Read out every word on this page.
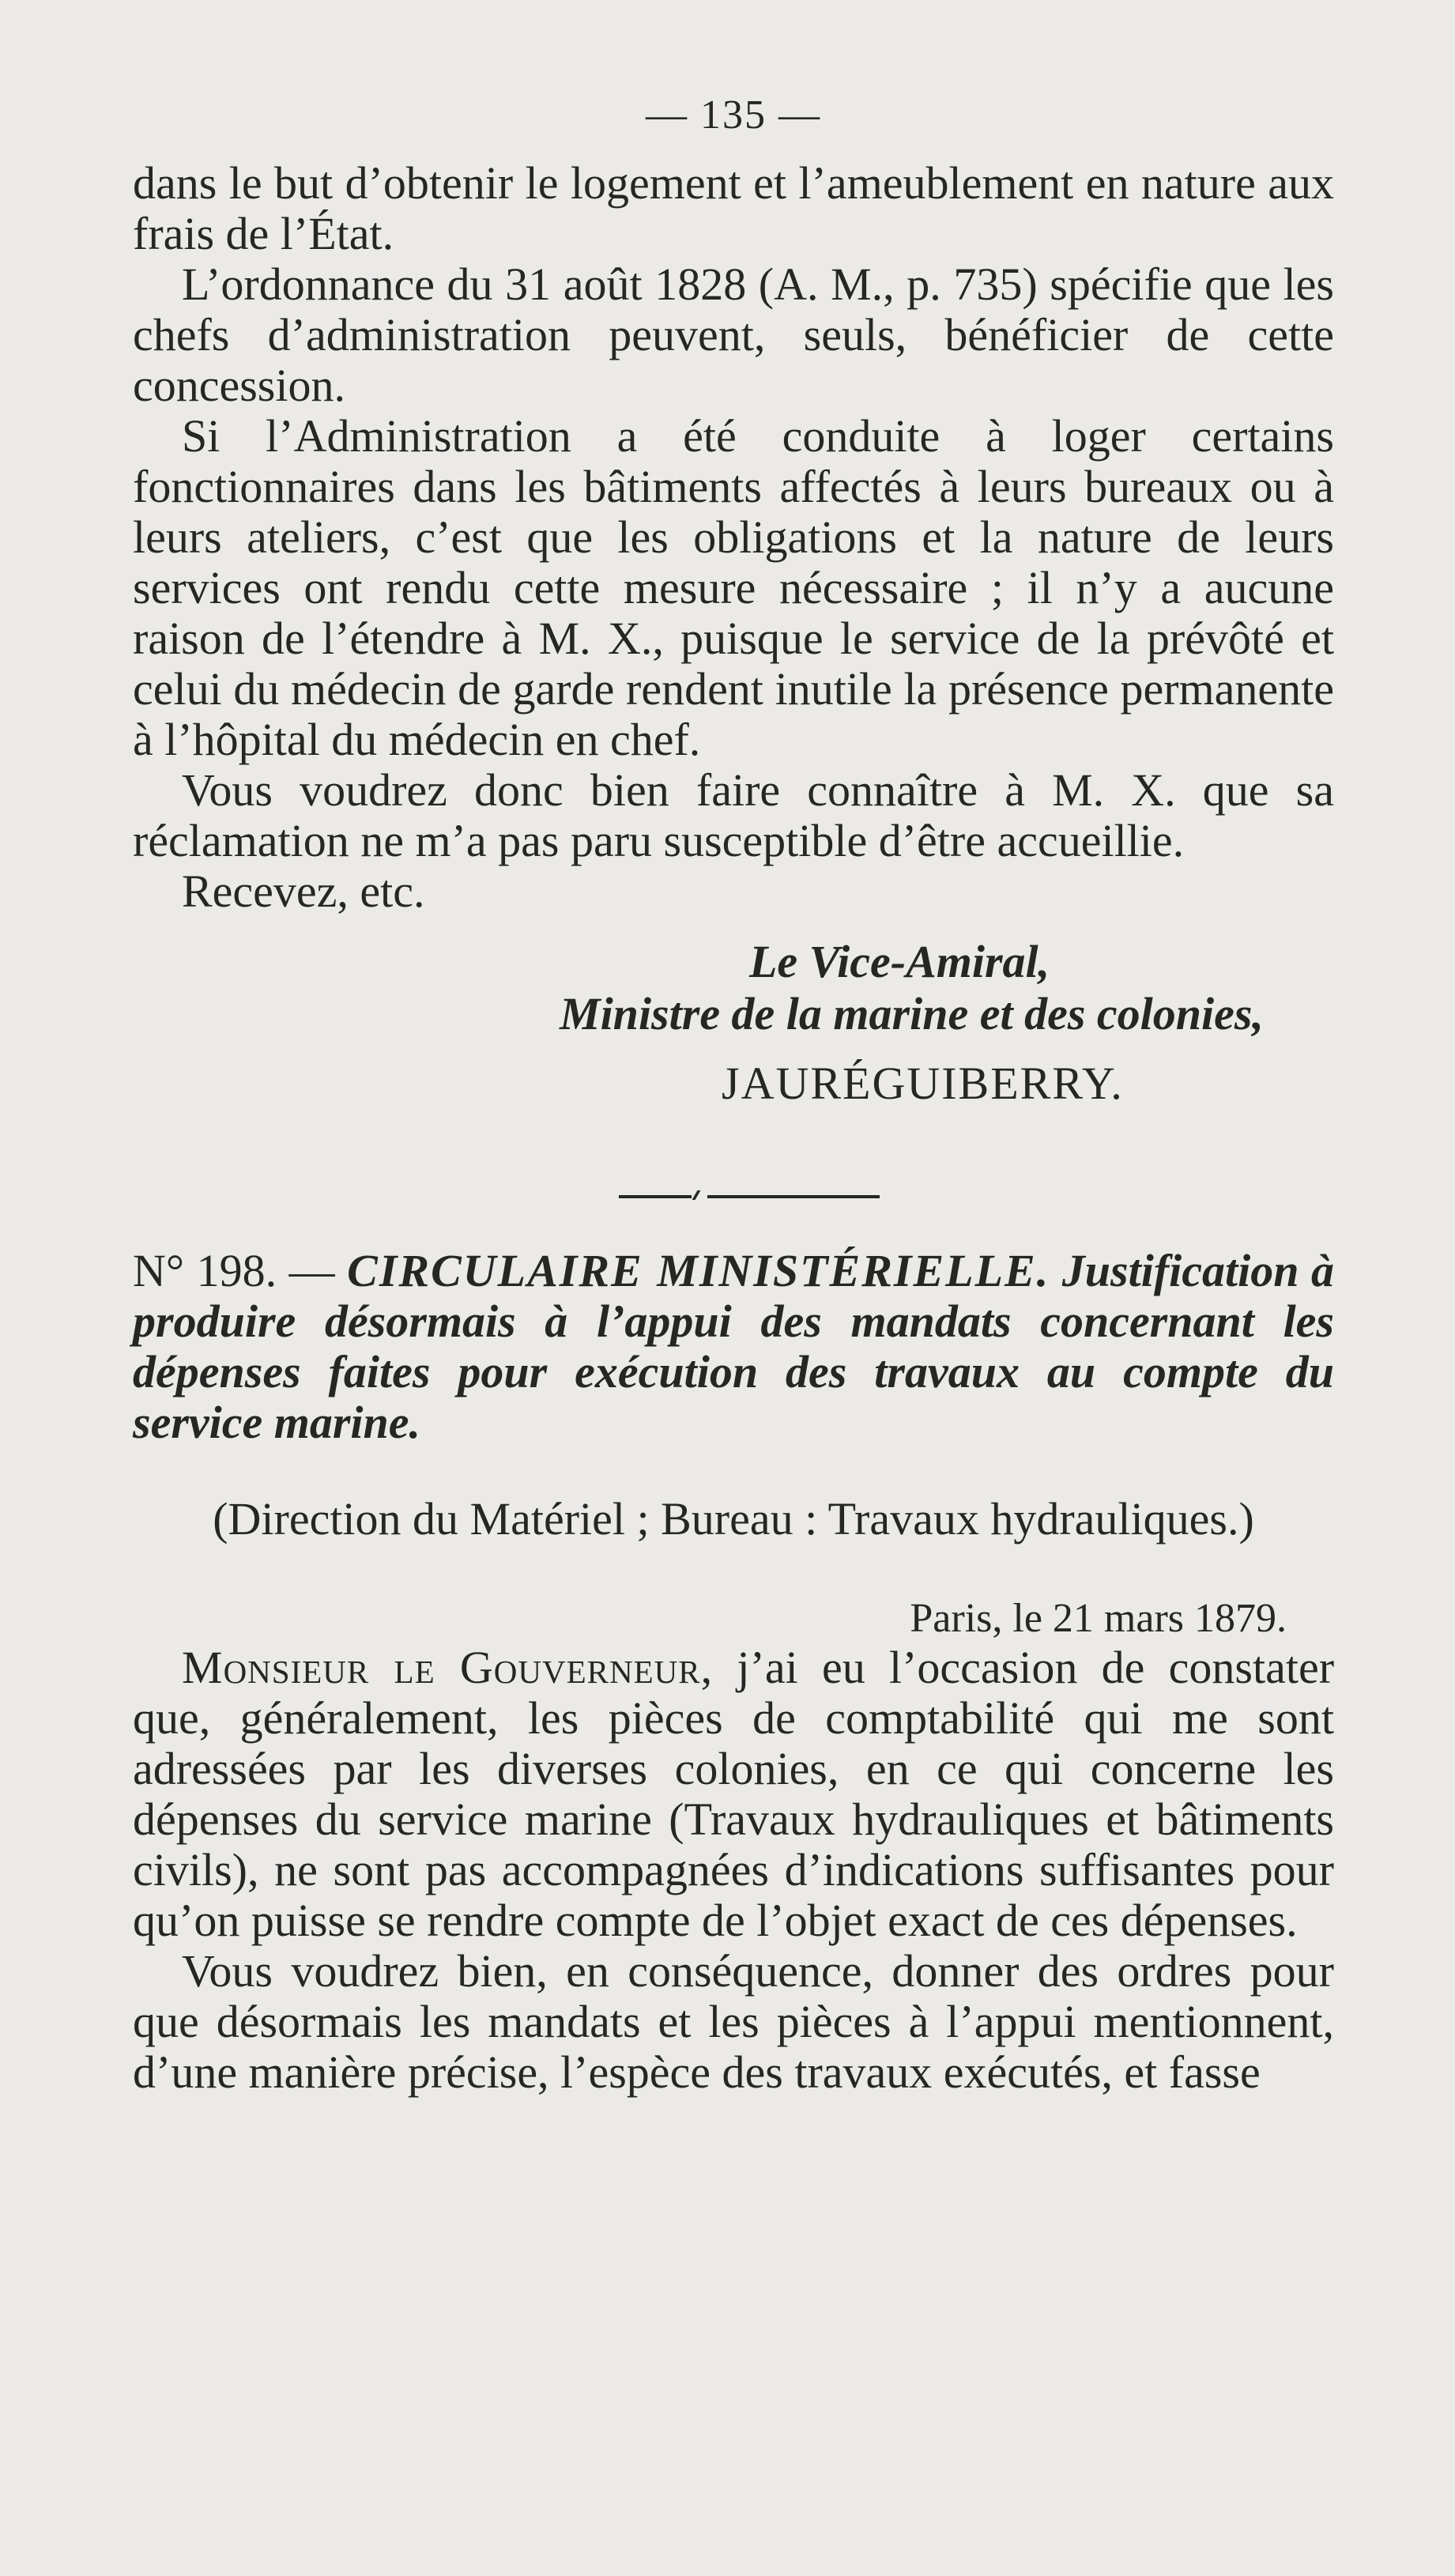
— 135 —

dans le but d’obtenir le logement et l’ameublement en nature aux frais de l’État.

L’ordonnance du 31 août 1828 (A. M., p. 735) spécifie que les chefs d’administration peuvent, seuls, bénéficier de cette concession.

Si l’Administration a été conduite à loger certains fonctionnaires dans les bâtiments affectés à leurs bureaux ou à leurs ateliers, c’est que les obligations et la nature de leurs services ont rendu cette mesure nécessaire ; il n’y a aucune raison de l’étendre à M. X., puisque le service de la prévôté et celui du médecin de garde rendent inutile la présence permanente à l’hôpital du médecin en chef.

Vous voudrez donc bien faire connaître à M. X. que sa réclamation ne m’a pas paru susceptible d’être accueillie.

Recevez, etc.

Le Vice-Amiral,
Ministre de la marine et des colonies,
JAURÉGUIBERRY.

N° 198. — CIRCULAIRE MINISTÉRIELLE. Justification à produire désormais à l’appui des mandats concernant les dépenses faites pour exécution des travaux au compte du service marine.

(Direction du Matériel ; Bureau : Travaux hydrauliques.)
Paris, le 21 mars 1879.

Monsieur le Gouverneur, j’ai eu l’occasion de constater que, généralement, les pièces de comptabilité qui me sont adressées par les diverses colonies, en ce qui concerne les dépenses du service marine (Travaux hydrauliques et bâtiments civils), ne sont pas accompagnées d’indications suffisantes pour qu’on puisse se rendre compte de l’objet exact de ces dépenses.

Vous voudrez bien, en conséquence, donner des ordres pour que désormais les mandats et les pièces à l’appui mentionnent, d’une manière précise, l’espèce des travaux exécutés, et fasse
